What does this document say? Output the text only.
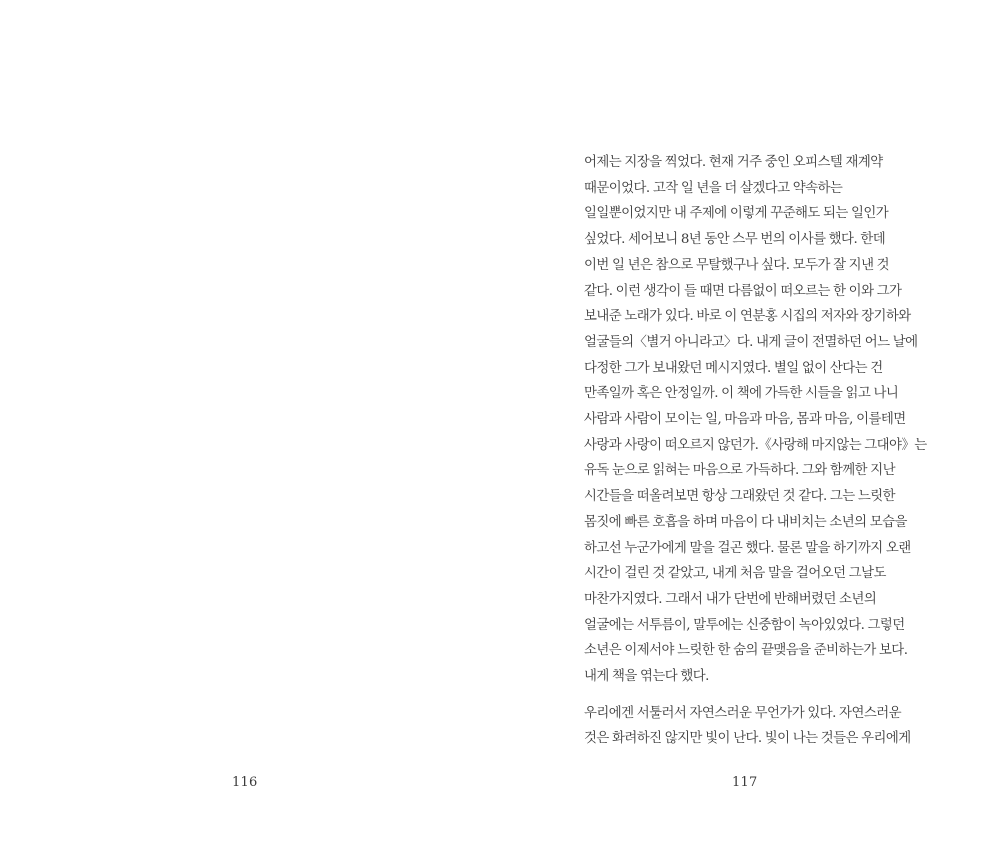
116

어제는 지장을 찍었다. 현재 거주 중인 오피스텔 재계약
때문이었다. 고작 일 년을 더 살겠다고 약속하는
일일뿐이었지만 내 주제에 이렇게 꾸준해도 되는 일인가
싶었다. 세어보니 8년 동안 스무 번의 이사를 했다. 한데
이번 일 년은 참으로 무탈했구나 싶다. 모두가 잘 지낸 것
같다. 이런 생각이 들 때면 다름없이 떠오르는 한 이와 그가
보내준 노래가 있다. 바로 이 연분홍 시집의 저자와 장기하와
얼굴들의〈별거 아니라고〉다. 내게 글이 전멸하던 어느 날에
다정한 그가 보내왔던 메시지였다. 별일 없이 산다는 건
만족일까 혹은 안정일까. 이 책에 가득한 시들을 읽고 나니
사람과 사람이 모이는 일, 마음과 마음, 몸과 마음, 이를테면
사랑과 사랑이 떠오르지 않던가.《사랑해 마지않는 그대야》는
유독 눈으로 읽혀는 마음으로 가득하다. 그와 함께한 지난
시간들을 떠올려보면 항상 그래왔던 것 같다. 그는 느릿한
몸짓에 빠른 호흡을 하며 마음이 다 내비치는 소년의 모습을
하고선 누군가에게 말을 걸곤 했다. 물론 말을 하기까지 오랜
시간이 걸린 것 같았고, 내게 처음 말을 걸어오던 그날도
마찬가지였다. 그래서 내가 단번에 반해버렸던 소년의
얼굴에는 서투름이, 말투에는 신중함이 녹아있었다. 그렇던
소년은 이제서야 느릿한 한 숨의 끝맺음을 준비하는가 보다.
내게 책을 엮는다 했다.

우리에겐 서툴러서 자연스러운 무언가가 있다. 자연스러운
것은 화려하진 않지만 빛이 난다. 빛이 나는 것들은 우리에게

117
